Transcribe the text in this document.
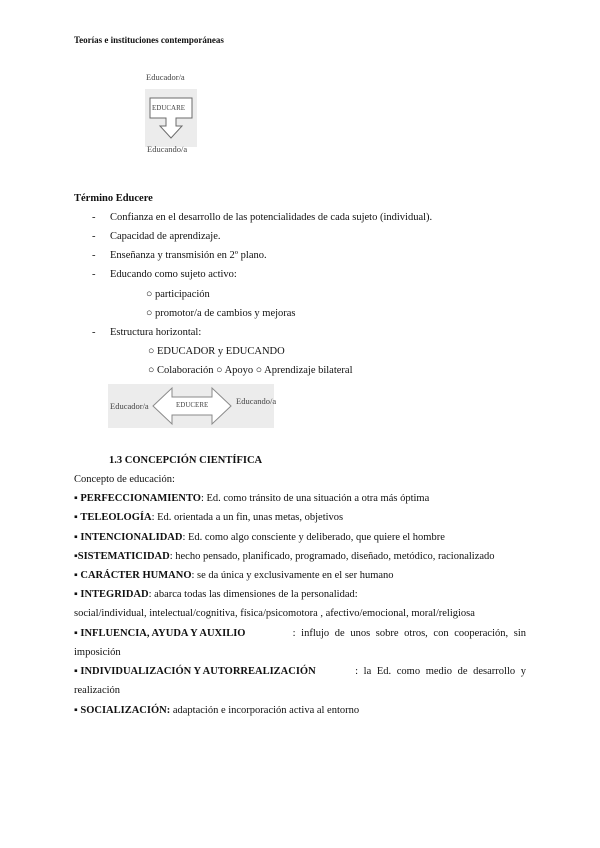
Teorías e instituciones contemporáneas
Educador/a
EDUCARE
Educando/a
Término Educere
- Confianza en el desarrollo de las potencialidades de cada sujeto (individual).
- Capacidad de aprendizaje.
- Enseñanza y transmisión en 2º plano.
- Educando como sujeto activo:
○ participación
○ promotor/a de cambios y mejoras
- Estructura horizontal:
○ EDUCADOR y EDUCANDO
○ Colaboración ○ Apoyo ○ Aprendizaje bilateral
Educador/a	EDUCERE	Educando/a
1.3 CONCEPCIÓN CIENTÍFICA
Concepto de educación:
▪ PERFECCIONAMIENTO: Ed. como tránsito de una situación a otra más óptima
▪ TELEOLOGÍA: Ed. orientada a un fin, unas metas, objetivos
▪ INTENCIONALIDAD: Ed. como algo consciente y deliberado, que quiere el hombre
▪SISTEMATICIDAD: hecho pensado, planificado, programado, diseñado, metódico, racionalizado
▪ CARÁCTER HUMANO: se da única y exclusivamente en el ser humano
▪ INTEGRIDAD: abarca todas las dimensiones de la personalidad:
social/individual, intelectual/cognitiva, física/psicomotora , afectivo/emocional, moral/religiosa
▪ INFLUENCIA, AYUDA Y AUXILIO	: influjo de unos sobre otros, con cooperación, sin
imposición
▪ INDIVIDUALIZACIÓN Y AUTORREALIZACIÓN	: la Ed. como medio de desarrollo y
realización
▪ SOCIALIZACIÓN: adaptación e incorporación activa al entorno
